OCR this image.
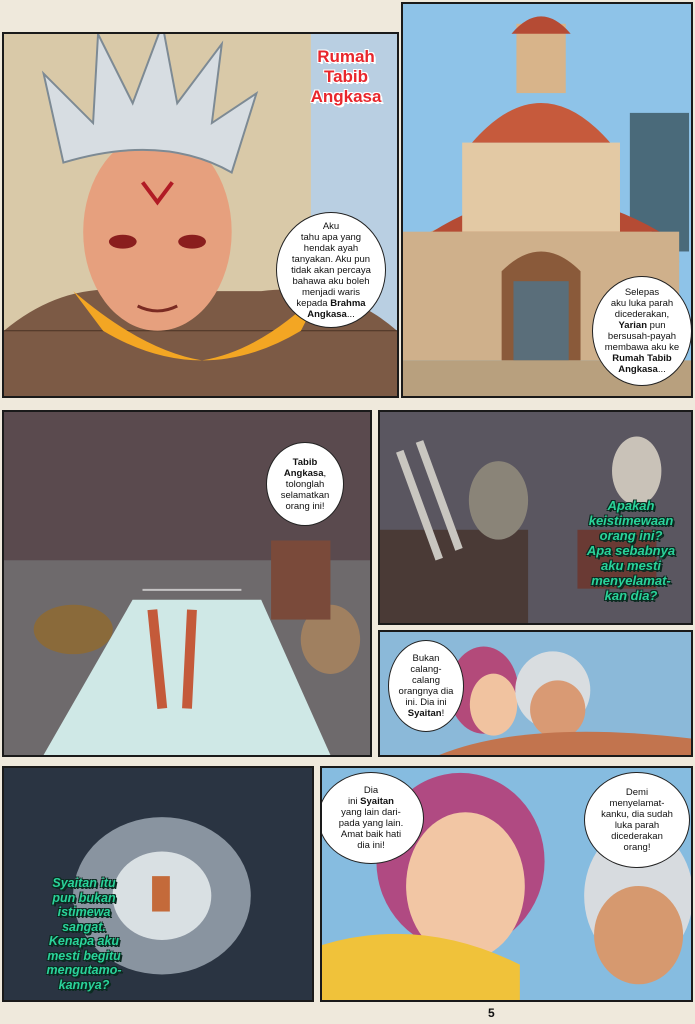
Rumah
Tabib
Angkasa
Aku
tahu apa yang
hendak ayah
tanyakan. Aku pun
tidak akan percaya
bahawa aku boleh
menjadi waris
kepada Brahma
Angkasa...
Selepas
aku luka parah
dicederakan,
Yarian pun
bersusah-payah
membawa aku ke
Rumah Tabib
Angkasa...
Tabib
Angkasa,
tolonglah
selamatkan
orang ini!	Apakah
keistimewaan
orang ini?
Apa sebabnya
aku mesti
menyelamat-
kan dia?
Bukan
calang-
calang
orangnya dia
ini. Dia ini
Syaitan!
Syaitan itu
pun bukan
istimewa
sangat.
Kenapa aku
mesti begitu
mengutamo-
kannya?
Dia
ini Syaitan
yang lain dari-
pada yang lain.
Amat baik hati
dia ini!
Demi
menyelamat-
kanku, dia sudah
luka parah
dicederakan
orang!
5
